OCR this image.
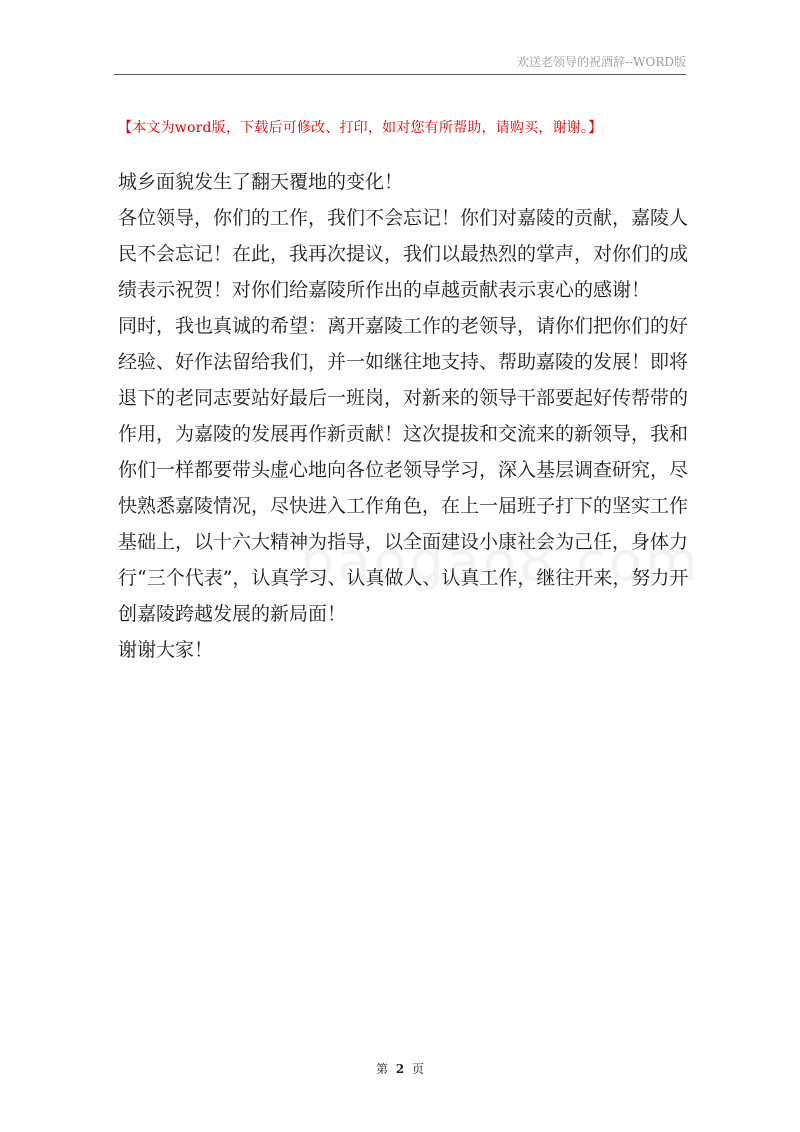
欢送老领导的祝酒辞--WORD版
【本文为word版，下载后可修改、打印，如对您有所帮助，请购买，谢谢。】
城乡面貌发生了翻天覆地的变化！
各位领导，你们的工作，我们不会忘记！你们对嘉陵的贡献，嘉陵人
民不会忘记！在此，我再次提议，我们以最热烈的掌声，对你们的成
绩表示祝贺！对你们给嘉陵所作出的卓越贡献表示衷心的感谢！
同时，我也真诚的希望：离开嘉陵工作的老领导，请你们把你们的好
经验、好作法留给我们，并一如继往地支持、帮助嘉陵的发展！即将
退下的老同志要站好最后一班岗，对新来的领导干部要起好传帮带的
作用，为嘉陵的发展再作新贡献！这次提拔和交流来的新领导，我和
你们一样都要带头虚心地向各位老领导学习，深入基层调查研究，尽
快熟悉嘉陵情况，尽快进入工作角色，在上一届班子打下的坚实工作
基础上，以十六大精神为指导，以全面建设小康社会为己任，身体力
行“三个代表”，认真学习、认真做人、认真工作，继往开来，努力开
创嘉陵跨越发展的新局面！
谢谢大家！
第 2 页
